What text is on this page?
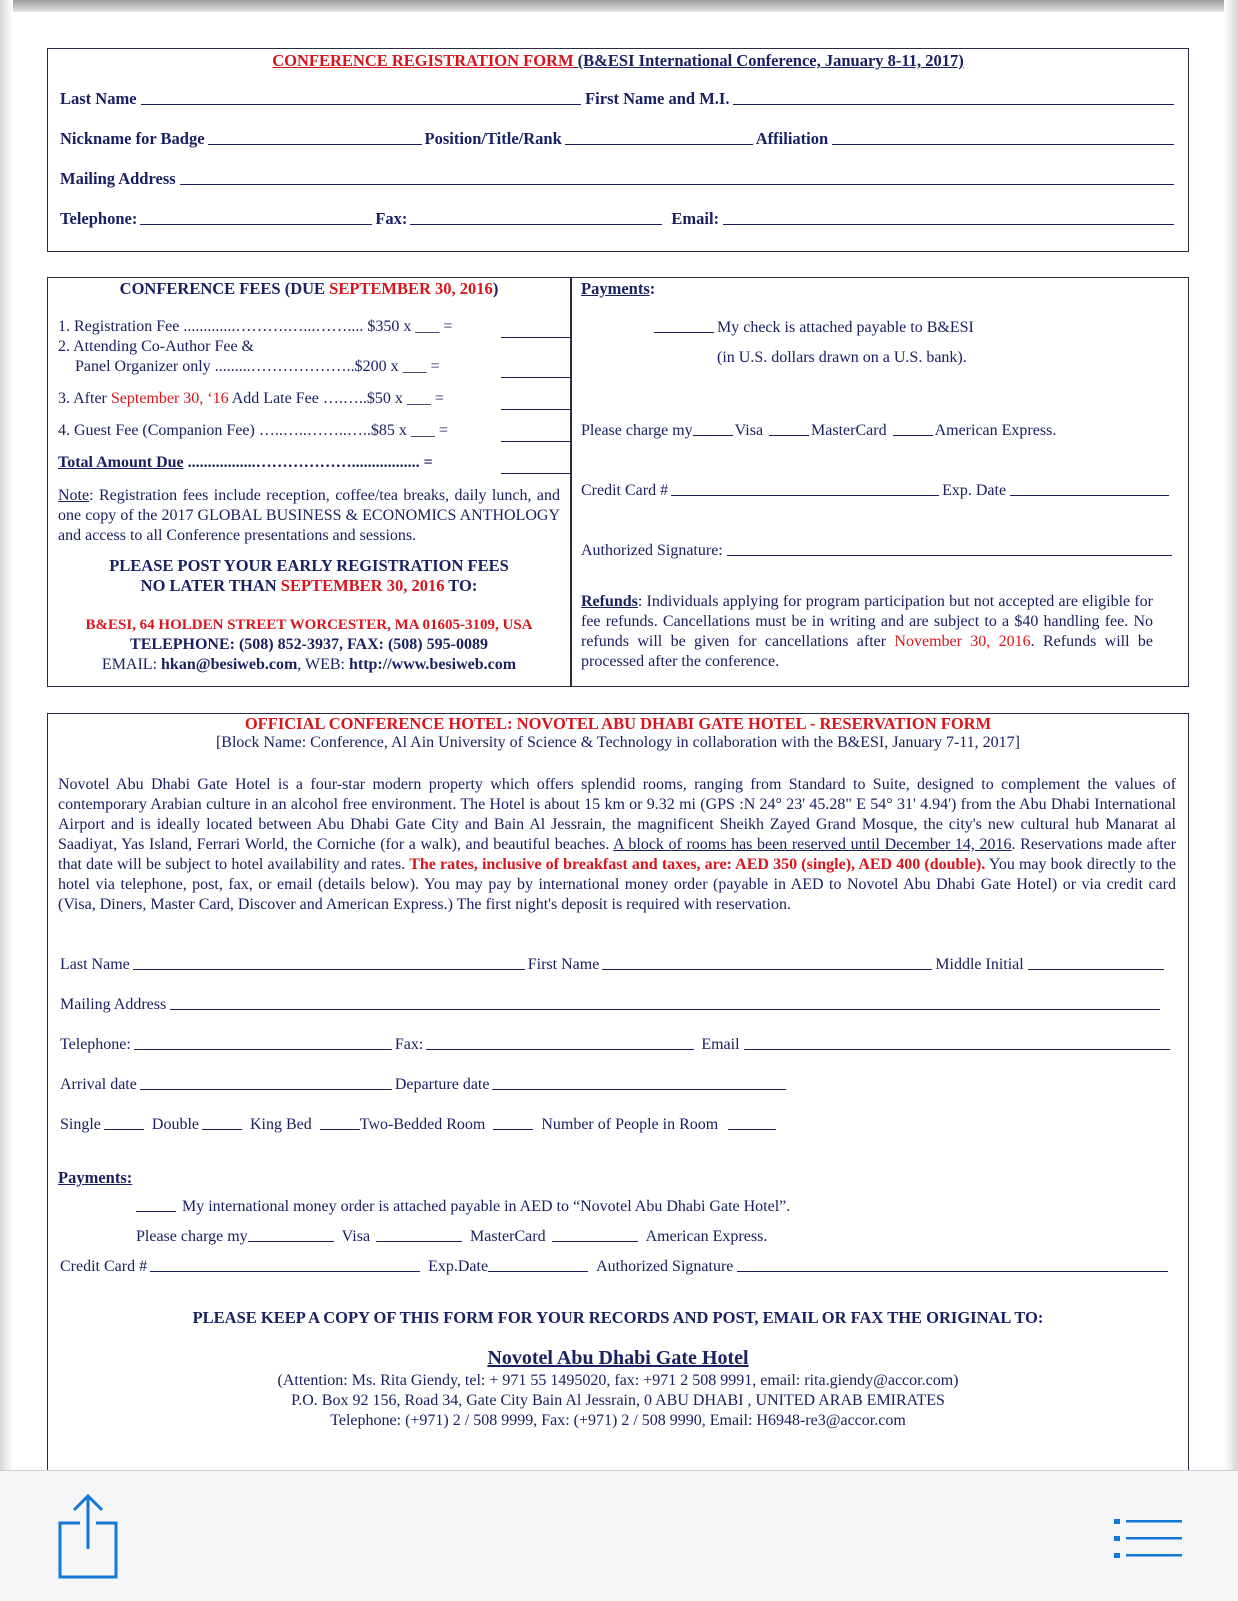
CONFERENCE REGISTRATION FORM (B&ESI International Conference, January 8-11, 2017)
Last Name	First Name and M.I.
Nickname for Badge	Position/Title/Rank	Affiliation
Mailing Address
Telephone:	Fax:	Email:
CONFERENCE FEES (DUE SEPTEMBER 30, 2016)
1. Registration Fee .............……….…...…….... $350 x ___ =
2. Attending Co-Author Fee &
Panel Organizer only .........………………..$200 x ___ =
3. After September 30, ‘16 Add Late Fee ….…..$50 x ___ =
4. Guest Fee (Companion Fee) …..…..……..…..$85 x ___ =
Total Amount Due .................………………................. =
Note: Registration fees include reception, coffee/tea breaks, daily lunch, and one copy of the 2017 GLOBAL BUSINESS & ECONOMICS ANTHOLOGY and access to all Conference presentations and sessions.
PLEASE POST YOUR EARLY REGISTRATION FEES
NO LATER THAN SEPTEMBER 30, 2016 TO:
B&ESI, 64 HOLDEN STREET WORCESTER, MA 01605-3109, USA
TELEPHONE: (508) 852-3937, FAX: (508) 595-0089
EMAIL: hkan@besiweb.com, WEB: http://www.besiweb.com
Payments:
My check is attached payable to B&ESI
(in U.S. dollars drawn on a U.S. bank).
Please charge my	Visa	MasterCard	American Express.
Credit Card #	Exp. Date
Authorized Signature:
Refunds: Individuals applying for program participation but not accepted are eligible for fee refunds. Cancellations must be in writing and are subject to a $40 handling fee. No refunds will be given for cancellations after November 30, 2016. Refunds will be processed after the conference.
OFFICIAL CONFERENCE HOTEL: NOVOTEL ABU DHABI GATE HOTEL - RESERVATION FORM
[Block Name: Conference, Al Ain University of Science & Technology in collaboration with the B&ESI, January 7-11, 2017]
Novotel Abu Dhabi Gate Hotel is a four-star modern property which offers splendid rooms, ranging from Standard to Suite, designed to complement the values of contemporary Arabian culture in an alcohol free environment. The Hotel is about 15 km or 9.32 mi (GPS :N 24° 23' 45.28" E 54° 31' 4.94') from the Abu Dhabi International Airport and is ideally located between Abu Dhabi Gate City and Bain Al Jessrain, the magnificent Sheikh Zayed Grand Mosque, the city's new cultural hub Manarat al Saadiyat, Yas Island, Ferrari World, the Corniche (for a walk), and beautiful beaches. A block of rooms has been reserved until December 14, 2016. Reservations made after that date will be subject to hotel availability and rates. The rates, inclusive of breakfast and taxes, are: AED 350 (single), AED 400 (double). You may book directly to the hotel via telephone, post, fax, or email (details below). You may pay by international money order (payable in AED to Novotel Abu Dhabi Gate Hotel) or via credit card (Visa, Diners, Master Card, Discover and American Express.) The first night's deposit is required with reservation.
Last Name	First Name	Middle Initial
Mailing Address
Telephone:	Fax:	Email
Arrival date	Departure date
Single	Double	King Bed	Two-Bedded Room	Number of People in Room
Payments:
My international money order is attached payable in AED to “Novotel Abu Dhabi Gate Hotel”.
Please charge my	Visa	MasterCard	American Express.
Credit Card #	Exp.Date	Authorized Signature
PLEASE KEEP A COPY OF THIS FORM FOR YOUR RECORDS AND POST, EMAIL OR FAX THE ORIGINAL TO:
Novotel Abu Dhabi Gate Hotel
(Attention: Ms. Rita Giendy, tel: + 971 55 1495020, fax: +971 2 508 9991, email: rita.giendy@accor.com)
P.O. Box 92 156, Road 34, Gate City Bain Al Jessrain, 0 ABU DHABI , UNITED ARAB EMIRATES
Telephone: (+971) 2 / 508 9999, Fax: (+971) 2 / 508 9990, Email: H6948-re3@accor.com
